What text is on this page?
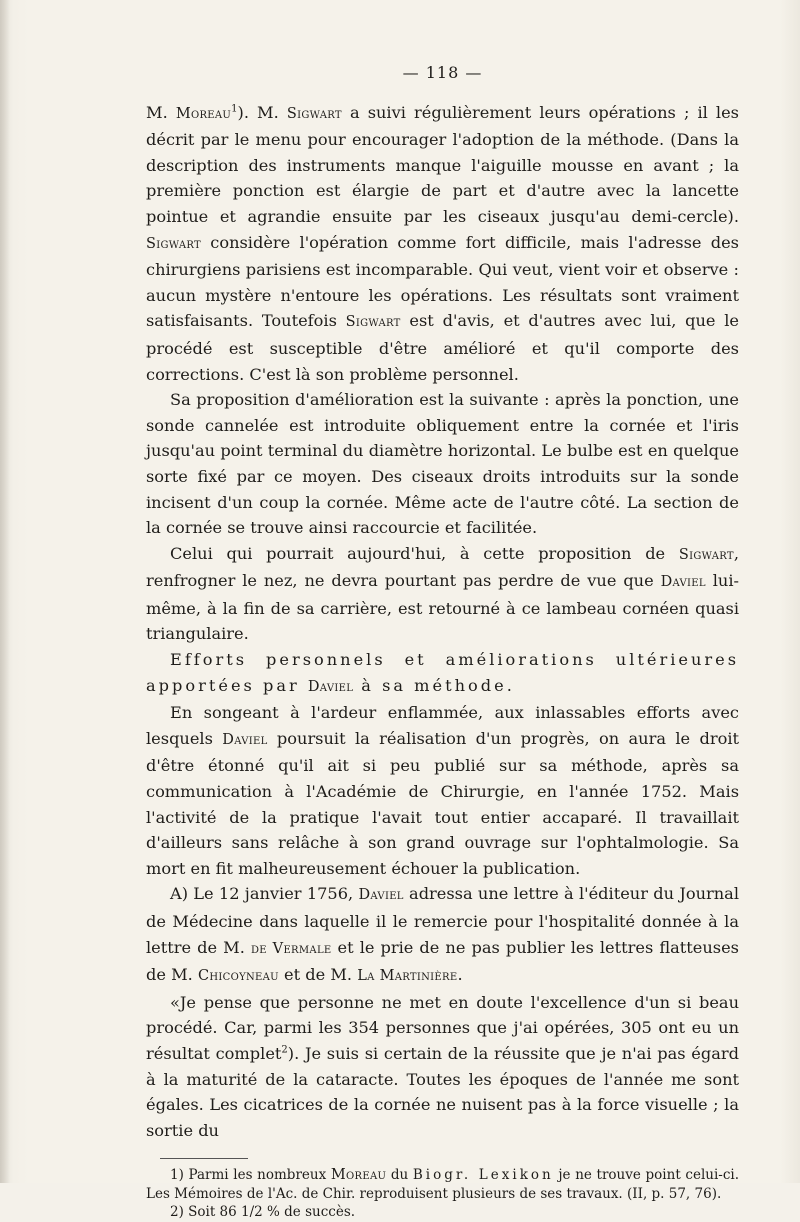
— 118 —

M. Moreau$^1$). M. Sigwart a suivi régulièrement leurs opérations ; il les décrit par le menu pour encourager l'adoption de la méthode. (Dans la description des instruments manque l'aiguille mousse en avant ; la première ponction est élargie de part et d'autre avec la lancette pointue et agrandie ensuite par les ciseaux jusqu'au demi-cercle). Sigwart considère l'opération comme fort difficile, mais l'adresse des chirurgiens parisiens est incomparable. Qui veut, vient voir et observe : aucun mystère n'entoure les opérations. Les résultats sont vraiment satisfaisants. Toutefois Sigwart est d'avis, et d'autres avec lui, que le procédé est susceptible d'être amélioré et qu'il comporte des corrections. C'est là son problème personnel.

Sa proposition d'amélioration est la suivante : après la ponction, une sonde cannelée est introduite obliquement entre la cornée et l'iris jusqu'au point terminal du diamètre horizontal. Le bulbe est en quelque sorte fixé par ce moyen. Des ciseaux droits introduits sur la sonde incisent d'un coup la cornée. Même acte de l'autre côté. La section de la cornée se trouve ainsi raccourcie et facilitée.

Celui qui pourrait aujourd'hui, à cette proposition de Sigwart, renfrogner le nez, ne devra pourtant pas perdre de vue que Daviel lui-même, à la fin de sa carrière, est retourné à ce lambeau cornéen quasi triangulaire.

Efforts personnels et améliorations ultérieures apportées par Daviel à sa méthode.

En songeant à l'ardeur enflammée, aux inlassables efforts avec lesquels Daviel poursuit la réalisation d'un progrès, on aura le droit d'être étonné qu'il ait si peu publié sur sa méthode, après sa communication à l'Académie de Chirurgie, en l'année 1752. Mais l'activité de la pratique l'avait tout entier accaparé. Il travaillait d'ailleurs sans relâche à son grand ouvrage sur l'ophtalmologie. Sa mort en fit malheureusement échouer la publication.

A) Le 12 janvier 1756, Daviel adressa une lettre à l'éditeur du Journal de Médecine dans laquelle il le remercie pour l'hospitalité donnée à la lettre de M. de Vermale et le prie de ne pas publier les lettres flatteuses de M. Chicoyneau et de M. La Martinière.

«Je pense que personne ne met en doute l'excellence d'un si beau procédé. Car, parmi les 354 personnes que j'ai opérées, 305 ont eu un résultat complet$^2$). Je suis si certain de la réussite que je n'ai pas égard à la maturité de la cataracte. Toutes les époques de l'année me sont égales. Les cicatrices de la cornée ne nuisent pas à la force visuelle ; la sortie du

1) Parmi les nombreux Moreau du Biogr. Lexikon je ne trouve point celui-ci. Les Mémoires de l'Ac. de Chir. reproduisent plusieurs de ses travaux. (II, p. 57, 76).

2) Soit 86 1/2 % de succès.
